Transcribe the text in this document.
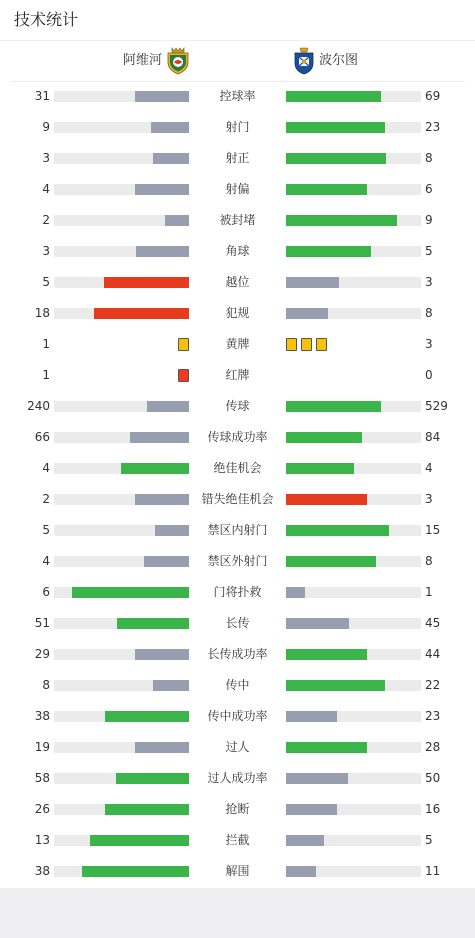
技术统计
阿维河	波尔图
31	控球率	69
9	射门	23
3	射正	8
4	射偏	6
2	被封堵	9
3	角球	5
5	越位	3
18	犯规	8
1	黄牌	3
1	红牌	0
240	传球	529
66	传球成功率	84
4	绝佳机会	4
2	错失绝佳机会	3
5	禁区内射门	15
4	禁区外射门	8
6	门将扑救	1
51	长传	45
29	长传成功率	44
8	传中	22
38	传中成功率	23
19	过人	28
58	过人成功率	50
26	抢断	16
13	拦截	5
38	解围	11
